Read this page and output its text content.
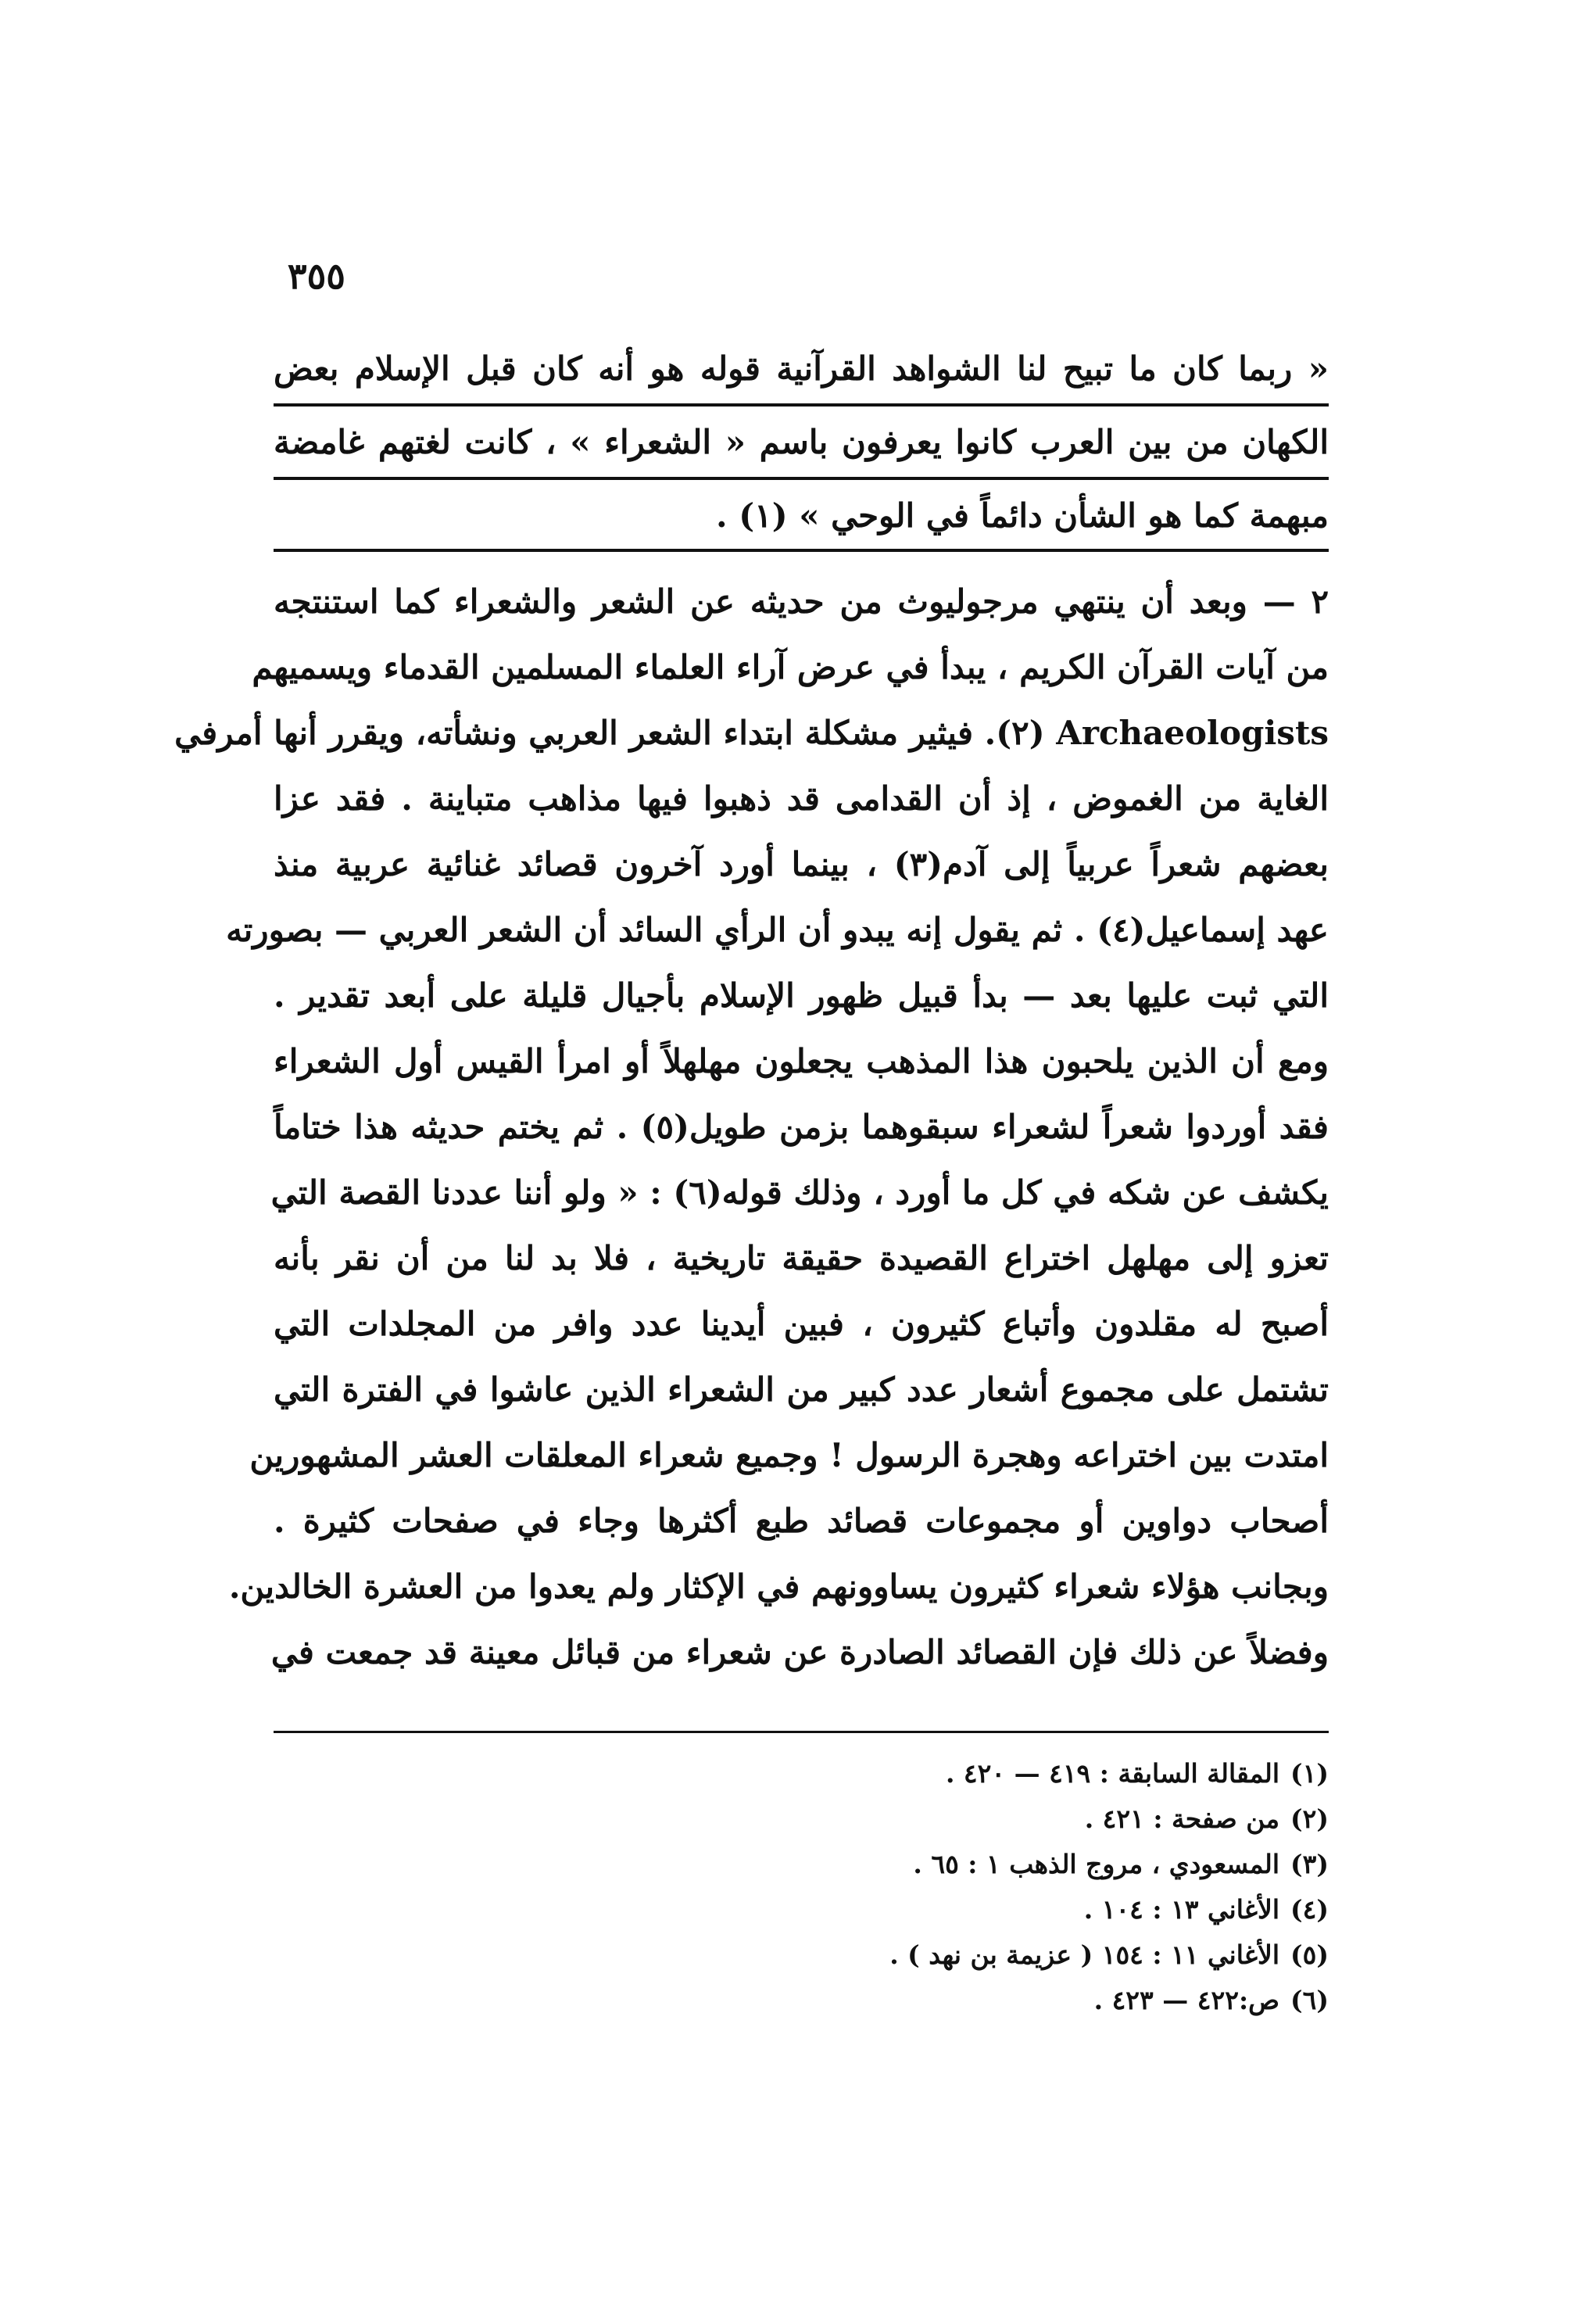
٣٥٥
« ربما كان ما تبيح لنا الشواهد القرآنية قوله هو أنه كان قبل الإسلام بعض
الكهان من بين العرب كانوا يعرفون باسم « الشعراء » ، كانت لغتهم غامضة
مبهمة كما هو الشأن دائماً في الوحي » (١) .
٢ — وبعد أن ينتهي مرجوليوث من حديثه عن الشعر والشعراء كما استنتجه
من آيات القرآن الكريم ، يبدأ في عرض آراء العلماء المسلمين القدماء ويسميهم
Archaeologists (٢). فيثير مشكلة ابتداء الشعر العربي ونشأته، ويقرر أنها أمرفي
الغاية من الغموض ، إذ أن القدامى قد ذهبوا فيها مذاهب متباينة . فقد عزا
بعضهم شعراً عربياً إلى آدم(٣) ، بينما أورد آخرون قصائد غنائية عربية منذ
عهد إسماعيل(٤) . ثم يقول إنه يبدو أن الرأي السائد أن الشعر العربي — بصورته
التي ثبت عليها بعد — بدأ قبيل ظهور الإسلام بأجيال قليلة على أبعد تقدير .
ومع أن الذين يلحبون هذا المذهب يجعلون مهلهلاً أو امرأ القيس أول الشعراء
فقد أوردوا شعراً لشعراء سبقوهما بزمن طويل(٥) . ثم يختم حديثه هذا ختاماً
يكشف عن شكه في كل ما أورد ، وذلك قوله(٦) : « ولو أننا عددنا القصة التي
تعزو إلى مهلهل اختراع القصيدة حقيقة تاريخية ، فلا بد لنا من أن نقر بأنه
أصبح له مقلدون وأتباع كثيرون ، فبين أيدينا عدد وافر من المجلدات التي
تشتمل على مجموع أشعار عدد كبير من الشعراء الذين عاشوا في الفترة التي
امتدت بين اختراعه وهجرة الرسول ! وجميع شعراء المعلقات العشر المشهورين
أصحاب دواوين أو مجموعات قصائد طبع أكثرها وجاء في صفحات كثيرة .
وبجانب هؤلاء شعراء كثيرون يساوونهم في الإكثار ولم يعدوا من العشرة الخالدين.
وفضلاً عن ذلك فإن القصائد الصادرة عن شعراء من قبائل معينة قد جمعت في
(١)المقالة السابقة : ٤١٩ — ٤٢٠ .
(٢)من صفحة : ٤٢١ .
(٣)المسعودي ، مروج الذهب ١ : ٦٥ .
(٤)الأغاني ١٣ : ١٠٤ .
(٥)الأغاني ١١ : ١٥٤ ( عزيمة بن نهد ) .
(٦)ص:٤٢٢ — ٤٢٣ .
